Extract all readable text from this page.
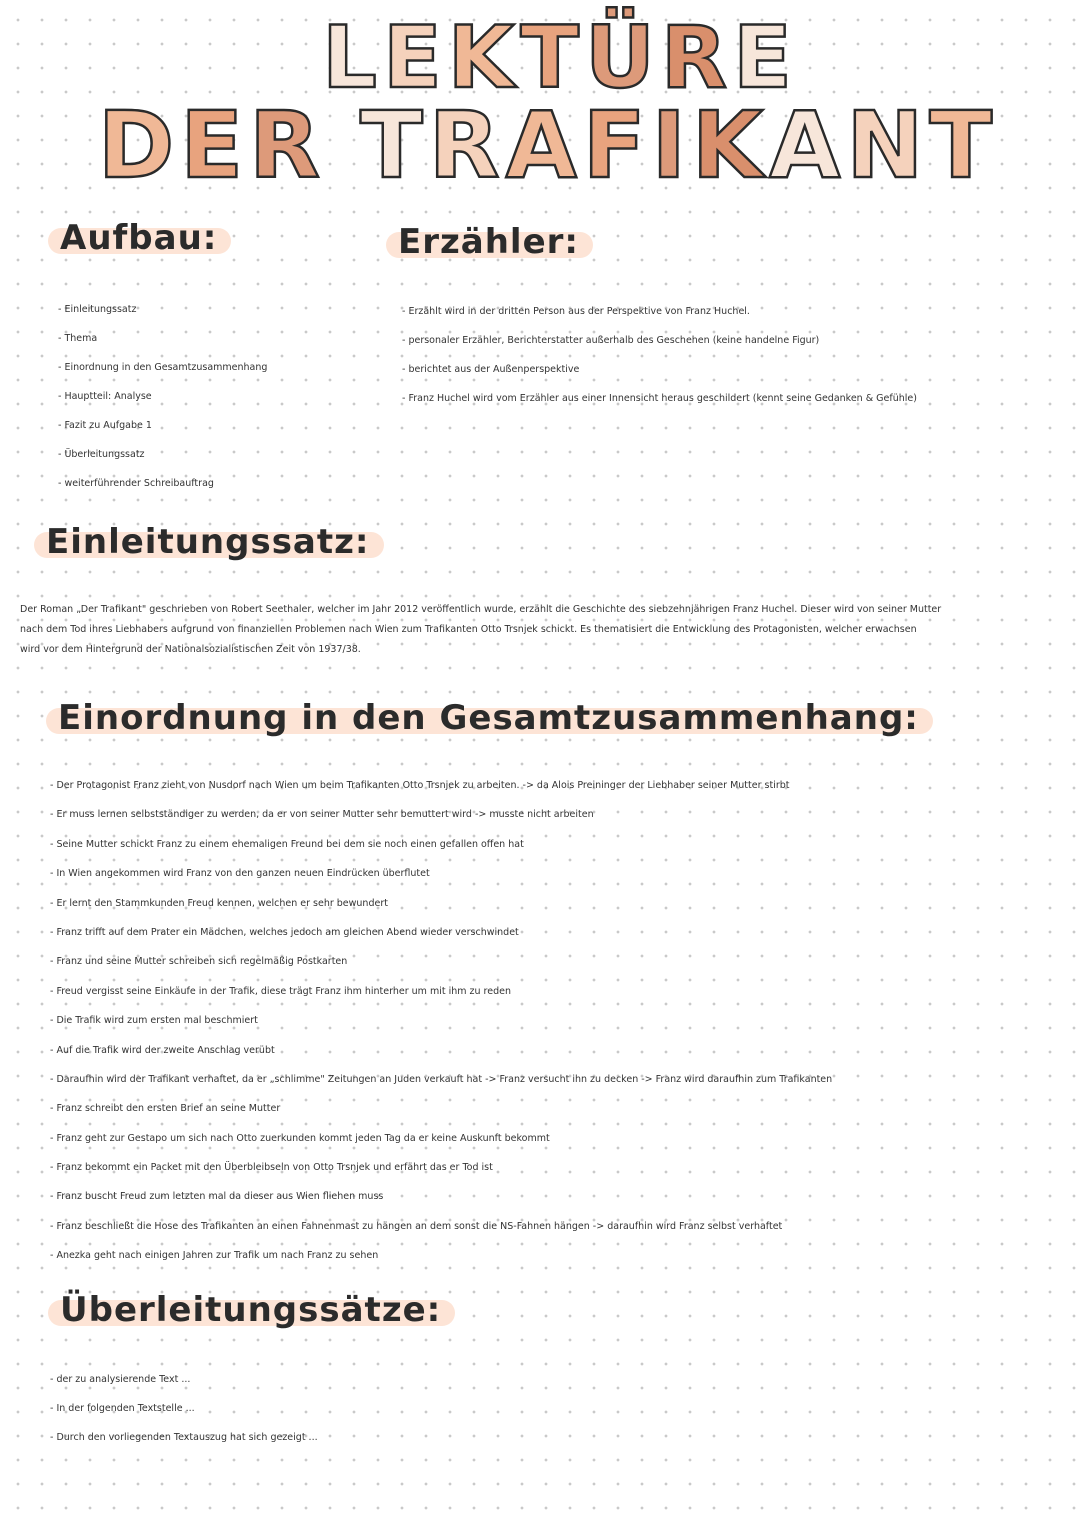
LEKTÜRE
DER TRAFIKANT
Aufbau:
- Einleitungssatz
- Thema
- Einordnung in den Gesamtzusammenhang
- Hauptteil: Analyse
- Fazit zu Aufgabe 1
- Überleitungssatz
- weiterführender Schreibauftrag
Erzähler:
- Erzählt wird in der dritten Person aus der Perspektive von Franz Huchel.
- personaler Erzähler, Berichterstatter außerhalb des Geschehen (keine handelne Figur)
- berichtet aus der Außenperspektive
- Franz Huchel wird vom Erzähler aus einer Innensicht heraus geschildert (kennt seine Gedanken & Gefühle)
Einleitungssatz:
Der Roman „Der Trafikant" geschrieben von Robert Seethaler, welcher im Jahr 2012 veröffentlich wurde, erzählt die Geschichte des siebzehnjährigen Franz Huchel. Dieser wird von seiner Mutter
nach dem Tod ihres Liebhabers aufgrund von finanziellen Problemen nach Wien zum Trafikanten Otto Trsnjek schickt. Es thematisiert die Entwicklung des Protagonisten, welcher erwachsen
wird vor dem Hintergrund der Nationalsozialistischen Zeit von 1937/38.
Einordnung in den Gesamtzusammenhang:
- Der Protagonist Franz zieht von Nusdorf nach Wien um beim Trafikanten Otto Trsnjek zu arbeiten. -> da Alois Preininger der Liebhaber seiner Mutter stirbt
- Er muss lernen selbstständiger zu werden, da er von seiner Mutter sehr bemuttert wird -> musste nicht arbeiten
- Seine Mutter schickt Franz zu einem ehemaligen Freund bei dem sie noch einen gefallen offen hat
- In Wien angekommen wird Franz von den ganzen neuen Eindrücken überflutet
- Er lernt den Stammkunden Freud kennen, welchen er sehr bewundert
- Franz trifft auf dem Prater ein Mädchen, welches jedoch am gleichen Abend wieder verschwindet
- Franz und seine Mutter schreiben sich regelmäßig Postkarten
- Freud vergisst seine Einkäufe in der Trafik, diese trägt Franz ihm hinterher um mit ihm zu reden
- Die Trafik wird zum ersten mal beschmiert
- Auf die Trafik wird der zweite Anschlag verübt
- Daraufhin wird der Trafikant verhaftet, da er „schlimme" Zeitungen an Juden verkauft hat -> Franz versucht ihn zu decken -> Franz wird daraufhin zum Trafikanten
- Franz schreibt den ersten Brief an seine Mutter
- Franz geht zur Gestapo um sich nach Otto zuerkunden kommt jeden Tag da er keine Auskunft bekommt
- Franz bekommt ein Packet mit den Überbleibseln von Otto Trsnjek und erfährt das er Tod ist
- Franz buscht Freud zum letzten mal da dieser aus Wien fliehen muss
- Franz beschließt die Hose des Trafikanten an einen Fahnenmast zu hängen an dem sonst die NS-Fahnen hängen -> daraufhin wird Franz selbst verhaftet
- Anezka geht nach einigen Jahren zur Trafik um nach Franz zu sehen
Überleitungssätze:
- der zu analysierende Text ...
- In der folgenden Textstelle ...
- Durch den vorliegenden Textauszug hat sich gezeigt ...
